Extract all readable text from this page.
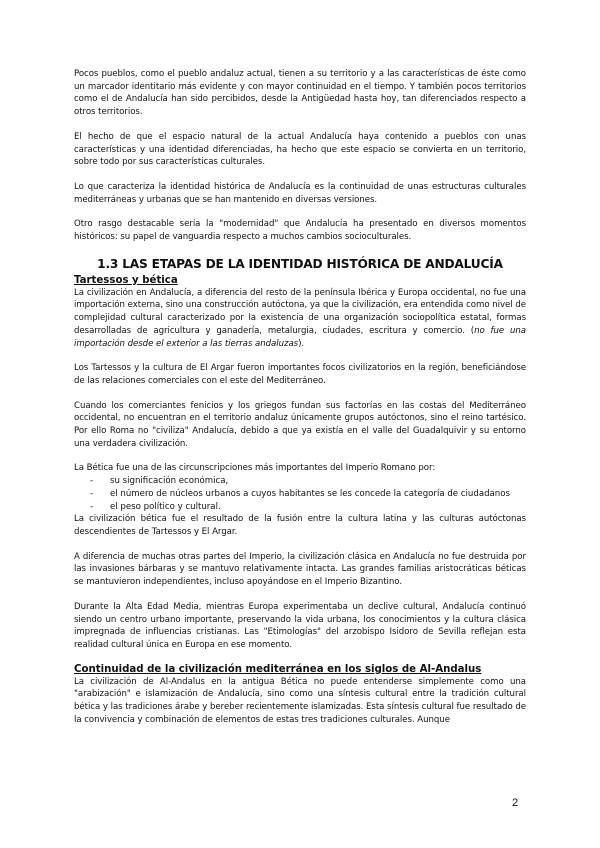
Pocos pueblos, como el pueblo andaluz actual, tienen a su territorio y a las características de éste como un marcador identitario más evidente y con mayor continuidad en el tiempo. Y también pocos territorios como el de Andalucía han sido percibidos, desde la Antigüedad hasta hoy, tan diferenciados respecto a otros territorios.

El hecho de que el espacio natural de la actual Andalucía haya contenido a pueblos con unas características y una identidad diferenciadas, ha hecho que este espacio se convierta en un territorio, sobre todo por sus características culturales.

Lo que caracteriza la identidad histórica de Andalucía es la continuidad de unas estructuras culturales mediterráneas y urbanas que se han mantenido en diversas versiones.

Otro rasgo destacable sería la "modernidad" que Andalucía ha presentado en diversos momentos históricos: su papel de vanguardia respecto a muchos cambios socioculturales.

1.3 LAS ETAPAS DE LA IDENTIDAD HISTÓRICA DE ANDALUCÍA
Tartessos y bética

La civilización en Andalucía, a diferencia del resto de la península Ibérica y Europa occidental, no fue una importación externa, sino una construcción autóctona, ya que la civilización, era entendida como nivel de complejidad cultural caracterizado por la existencia de una organización sociopolítica estatal, formas desarrolladas de agricultura y ganadería, metalurgia, ciudades, escritura y comercio. (no fue una importación desde el exterior a las tierras andaluzas).

Los Tartessos y la cultura de El Argar fueron importantes focos civilizatorios en la región, beneficiándose de las relaciones comerciales con el este del Mediterráneo.

Cuando los comerciantes fenicios y los griegos fundan sus factorías en las costas del Mediterráneo occidental, no encuentran en el territorio andaluz únicamente grupos autóctonos, sino el reino tartésico. Por ello Roma no "civiliza" Andalucía, debido a que ya existía en el valle del Guadalquivir y su entorno una verdadera civilización.

La Bética fue una de las circunscripciones más importantes del Imperio Romano por:

- su significación económica,
- el número de núcleos urbanos a cuyos habitantes se les concede la categoría de ciudadanos
- el peso político y cultural.

La civilización bética fue el resultado de la fusión entre la cultura latina y las culturas autóctonas descendientes de Tartessos y El Argar.

A diferencia de muchas otras partes del Imperio, la civilización clásica en Andalucía no fue destruida por las invasiones bárbaras y se mantuvo relativamente intacta. Las grandes familias aristocráticas béticas se mantuvieron independientes, incluso apoyándose en el Imperio Bizantino.

Durante la Alta Edad Media, mientras Europa experimentaba un declive cultural, Andalucía continuó siendo un centro urbano importante, preservando la vida urbana, los conocimientos y la cultura clásica impregnada de influencias cristianas. Las "Etimologías" del arzobispo Isidoro de Sevilla reflejan esta realidad cultural única en Europa en ese momento.

Continuidad de la civilización mediterránea en los siglos de Al-Andalus

La civilización de Al-Andalus en la antigua Bética no puede entenderse simplemente como una "arabización" e islamización de Andalucía, sino como una síntesis cultural entre la tradición cultural bética y las tradiciones árabe y bereber recientemente islamizadas. Esta síntesis cultural fue resultado de la convivencia y combinación de elementos de estas tres tradiciones culturales. Aunque

2
